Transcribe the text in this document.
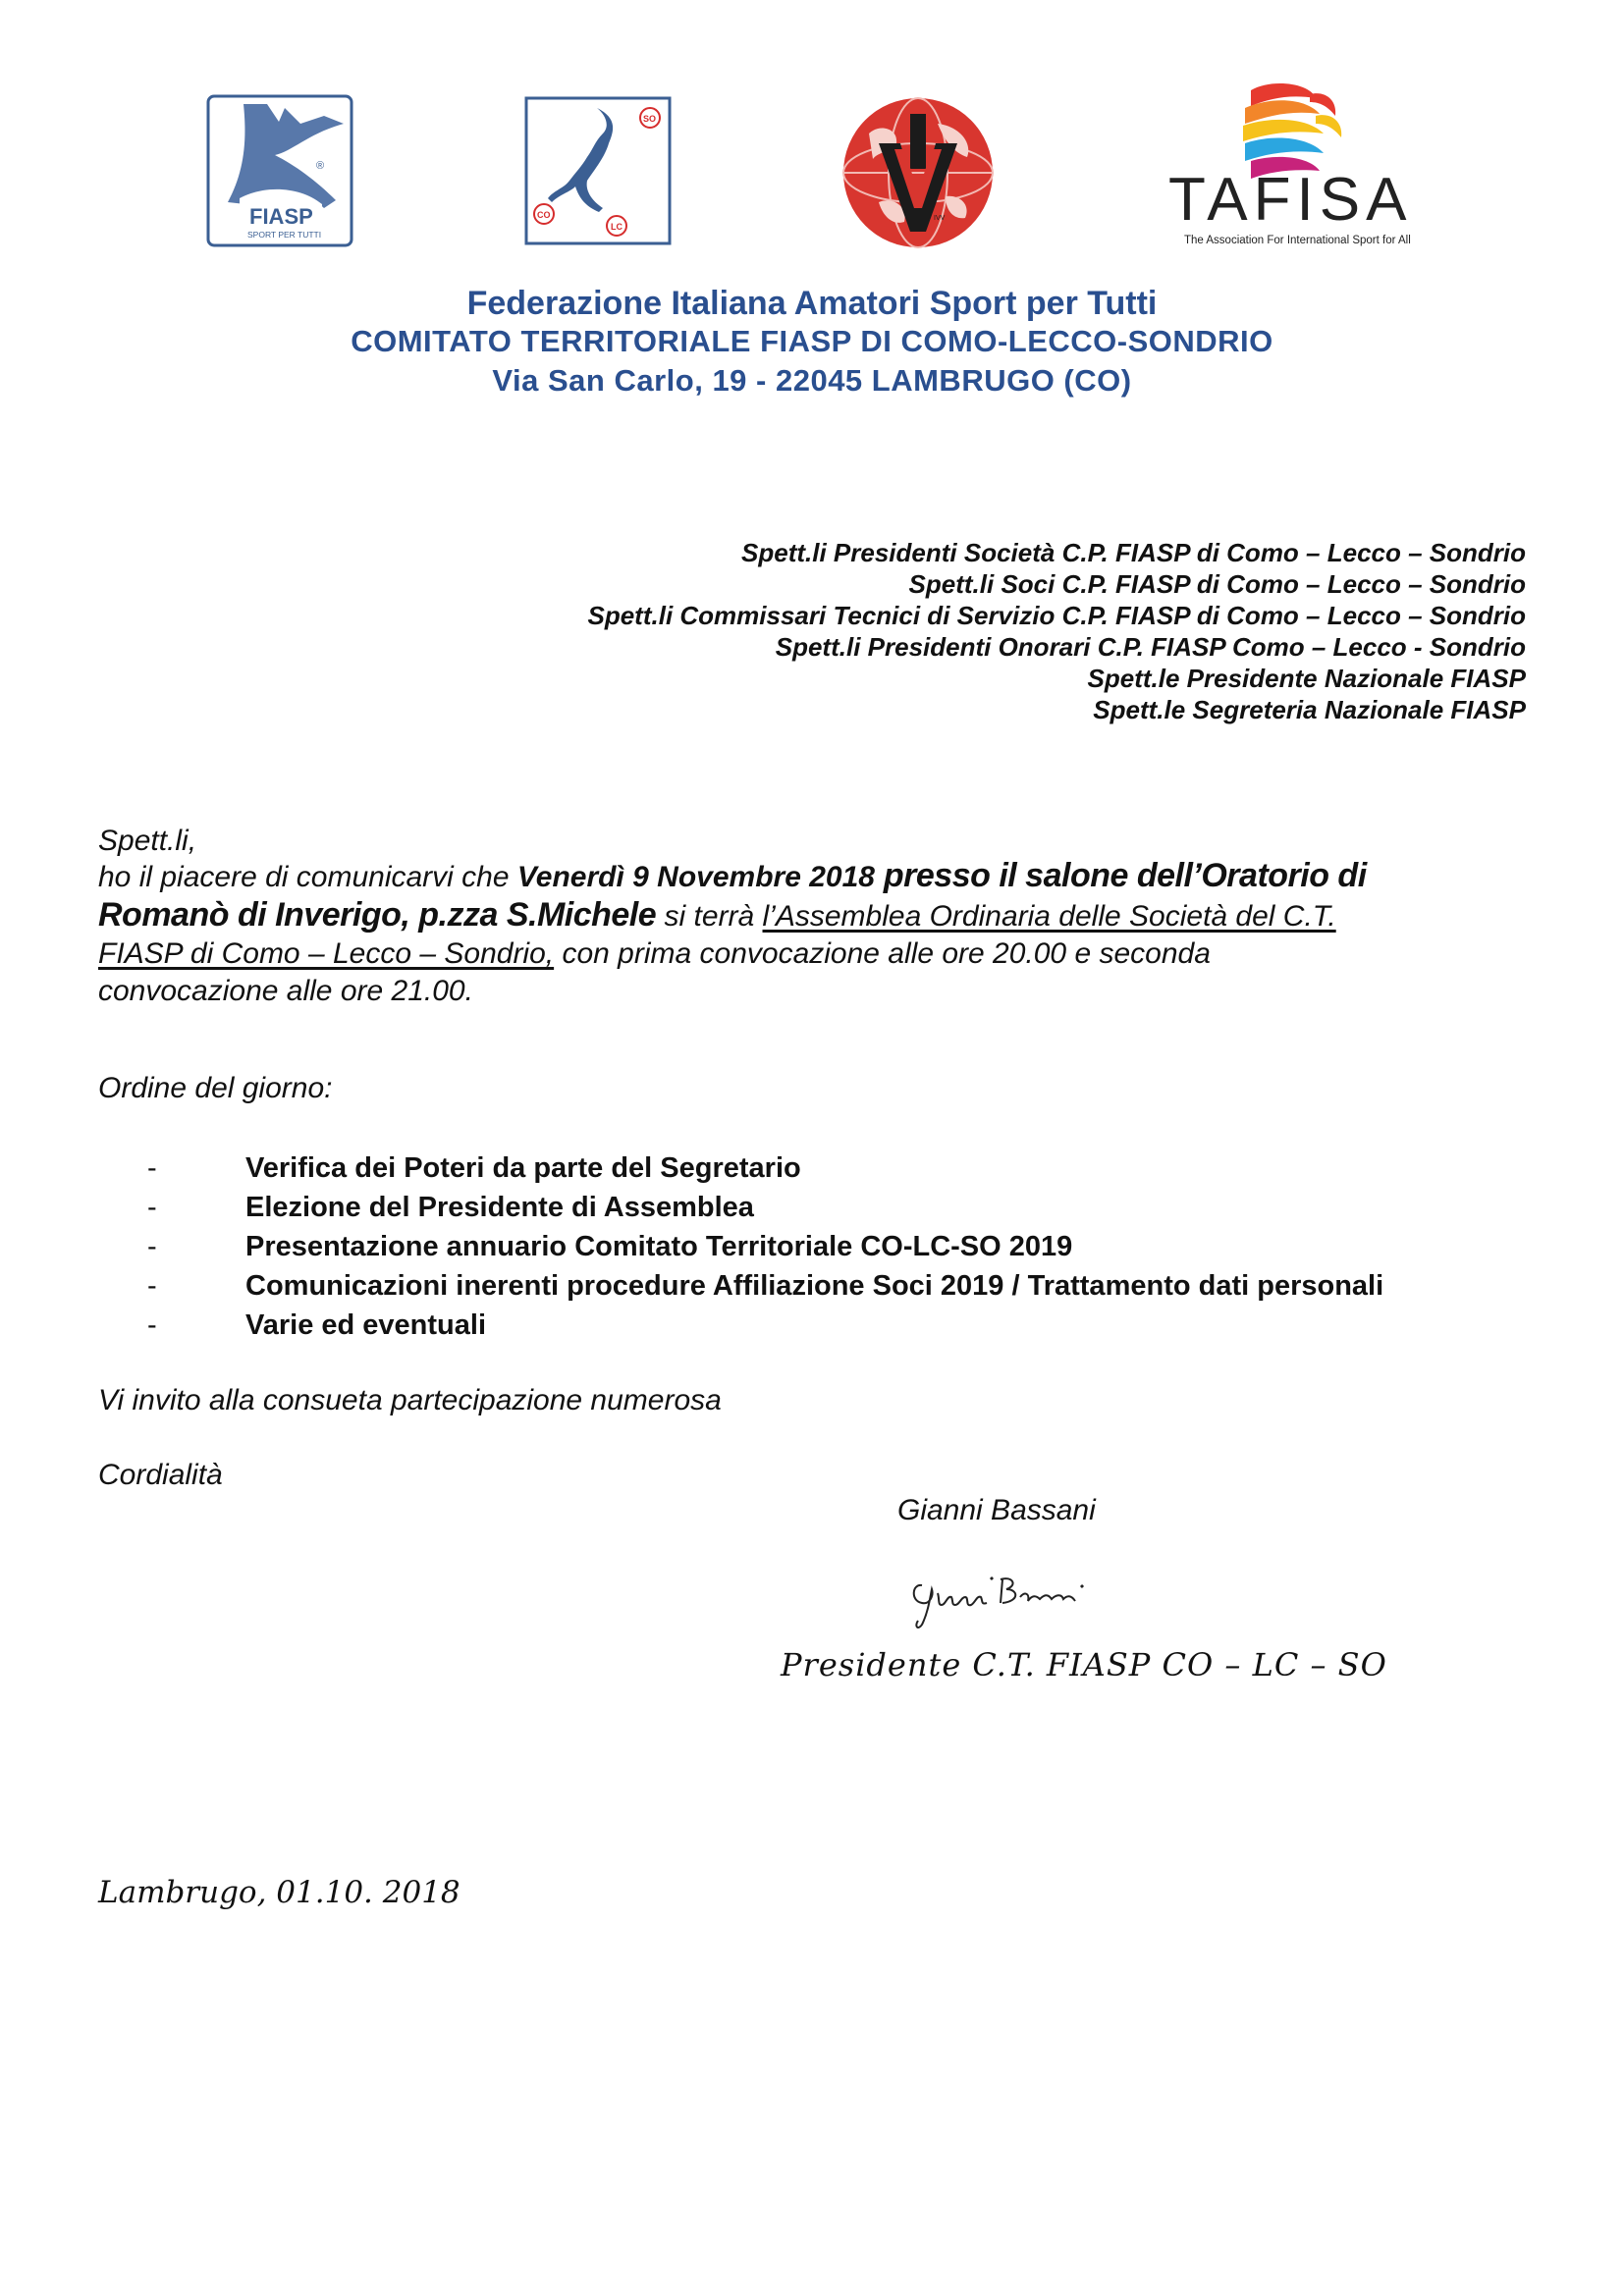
®
FIASP
SPORT PER TUTTI
SO
CO
LC
IVV	TAFISA
The Association For International Sport for All
Federazione Italiana Amatori Sport per Tutti
COMITATO TERRITORIALE FIASP DI COMO-LECCO-SONDRIO
Via San Carlo, 19 - 22045 LAMBRUGO (CO)
Spett.li Presidenti Società C.P. FIASP di Como – Lecco – Sondrio
Spett.li Soci C.P. FIASP di Como – Lecco – Sondrio
Spett.li Commissari Tecnici di Servizio C.P. FIASP di Como – Lecco – Sondrio
Spett.li Presidenti Onorari C.P. FIASP Como – Lecco - Sondrio
Spett.le Presidente Nazionale FIASP
Spett.le Segreteria Nazionale FIASP
Spett.li,
ho il piacere di comunicarvi che Venerdì 9 Novembre 2018 presso il salone dell’Oratorio di
Romanò di Inverigo, p.zza S.Michele si terrà l’Assemblea Ordinaria delle Società del C.T.
FIASP di Como – Lecco – Sondrio, con prima convocazione alle ore 20.00 e seconda
convocazione alle ore 21.00.
Ordine del giorno:
-	Verifica dei Poteri da parte del Segretario
-	Elezione del Presidente di Assemblea
-	Presentazione annuario Comitato Territoriale CO-LC-SO 2019
-	Comunicazioni inerenti procedure Affiliazione Soci 2019 / Trattamento dati personali
-	Varie ed eventuali
Vi invito alla consueta partecipazione numerosa
Cordialità
Gianni Bassani
Presidente C.T. FIASP CO – LC – SO
Lambrugo, 01.10. 2018
